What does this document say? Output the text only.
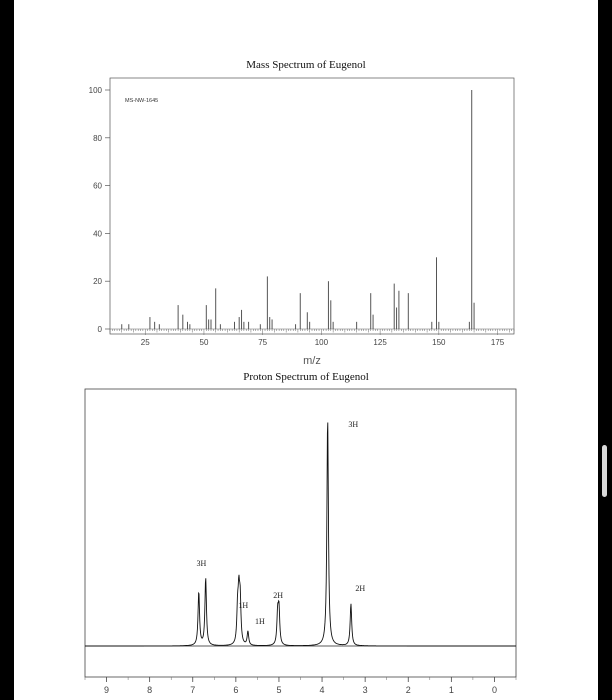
Mass Spectrum of Eugenol
MS-NW-1645
0
20
40
60
80
100
25	50	75	100	125	150	175
m/z
Proton Spectrum of Eugenol
9	8	7	6	5	4	3	2	1	0
3H
1H
1H
2H
3H
2H
